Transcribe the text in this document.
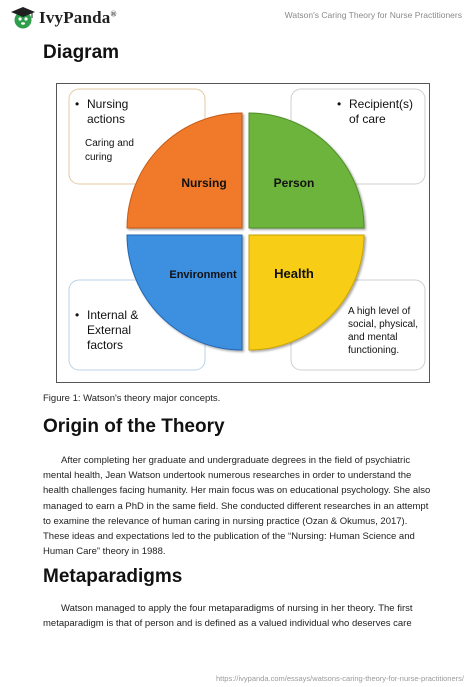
IvyPanda®	Watson's Caring Theory for Nurse Practitioners
Diagram
• Nursing
actions
Caring and
curing
• Recipient(s)
of care
• Internal &
External
factors
A high level of
social, physical,
and mental
functioning.
Nursing	Person
Environment	Health
Figure 1: Watson's theory major concepts.
Origin of the Theory

After completing her graduate and undergraduate degrees in the field of psychiatric mental health, Jean Watson undertook numerous researches in order to understand the health challenges facing humanity. Her main focus was on educational psychology. She also managed to earn a PhD in the same field. She conducted different researches in an attempt to examine the relevance of human caring in nursing practice (Ozan & Okumus, 2017). These ideas and expectations led to the publication of the “Nursing: Human Science and Human Care” theory in 1988.

Metaparadigms

Watson managed to apply the four metaparadigms of nursing in her theory. The first metaparadigm is that of person and is defined as a valued individual who deserves care

https://ivypanda.com/essays/watsons-caring-theory-for-nurse-practitioners/
